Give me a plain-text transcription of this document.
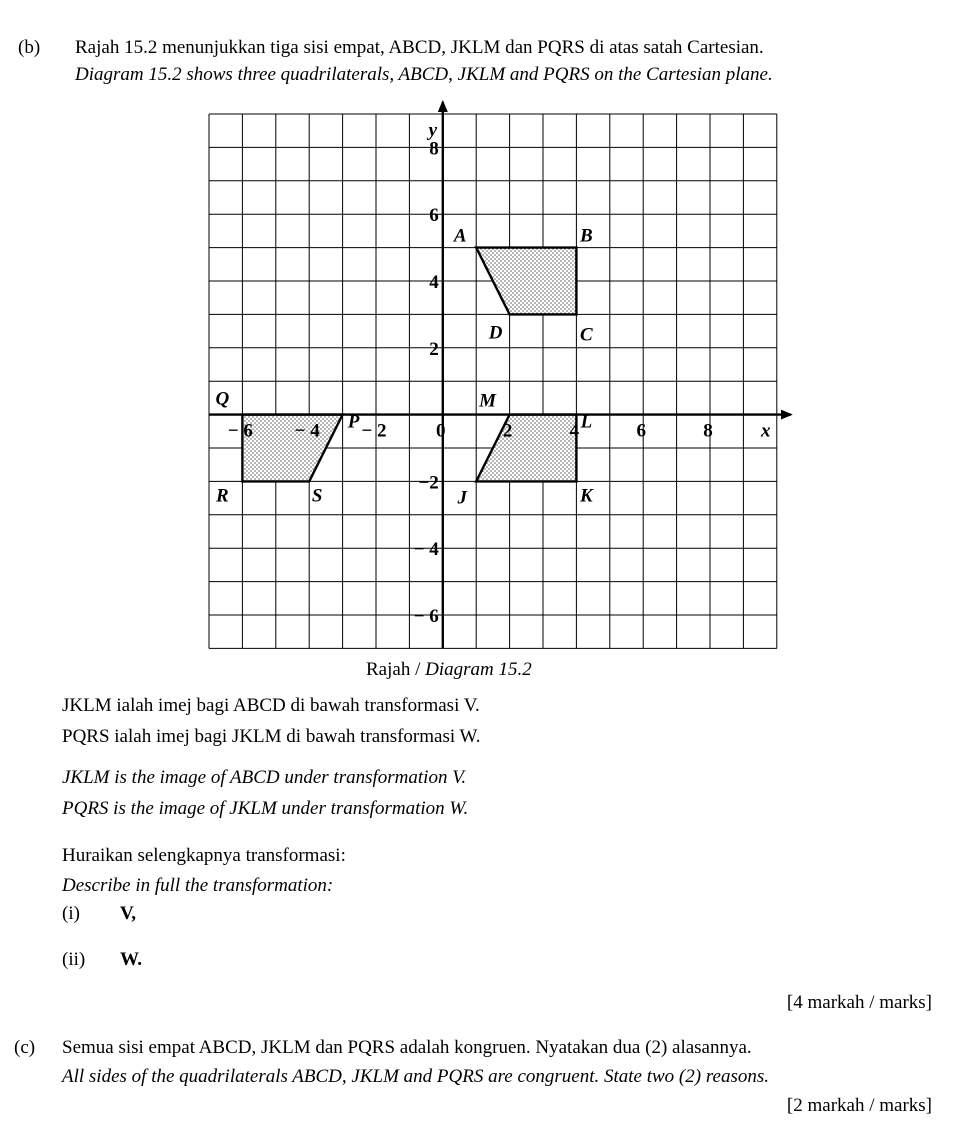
x
y
− 6 − 4 − 2	0	2	4	6	8
8
6
4
2
−2
− 4
− 6
A	B
C
D
J	K
L
M
P
Q
R	S
(b) Rajah 15.2 menunjukkan tiga sisi empat, ABCD, JKLM dan PQRS di atas satah Cartesian.
Diagram 15.2 shows three quadrilaterals, ABCD, JKLM and PQRS on the Cartesian plane.
Rajah / Diagram 15.2
JKLM ialah imej bagi ABCD di bawah transformasi V.
PQRS ialah imej bagi JKLM di bawah transformasi W.
JKLM is the image of ABCD under transformation V.
PQRS is the image of JKLM under transformation W.
Huraikan selengkapnya transformasi:
Describe in full the transformation:
(i) V,
(ii) W.
[4 markah / marks]
(c) Semua sisi empat ABCD, JKLM dan PQRS adalah kongruen. Nyatakan dua (2) alasannya.
All sides of the quadrilaterals ABCD, JKLM and PQRS are congruent. State two (2) reasons.
[2 markah / marks]
